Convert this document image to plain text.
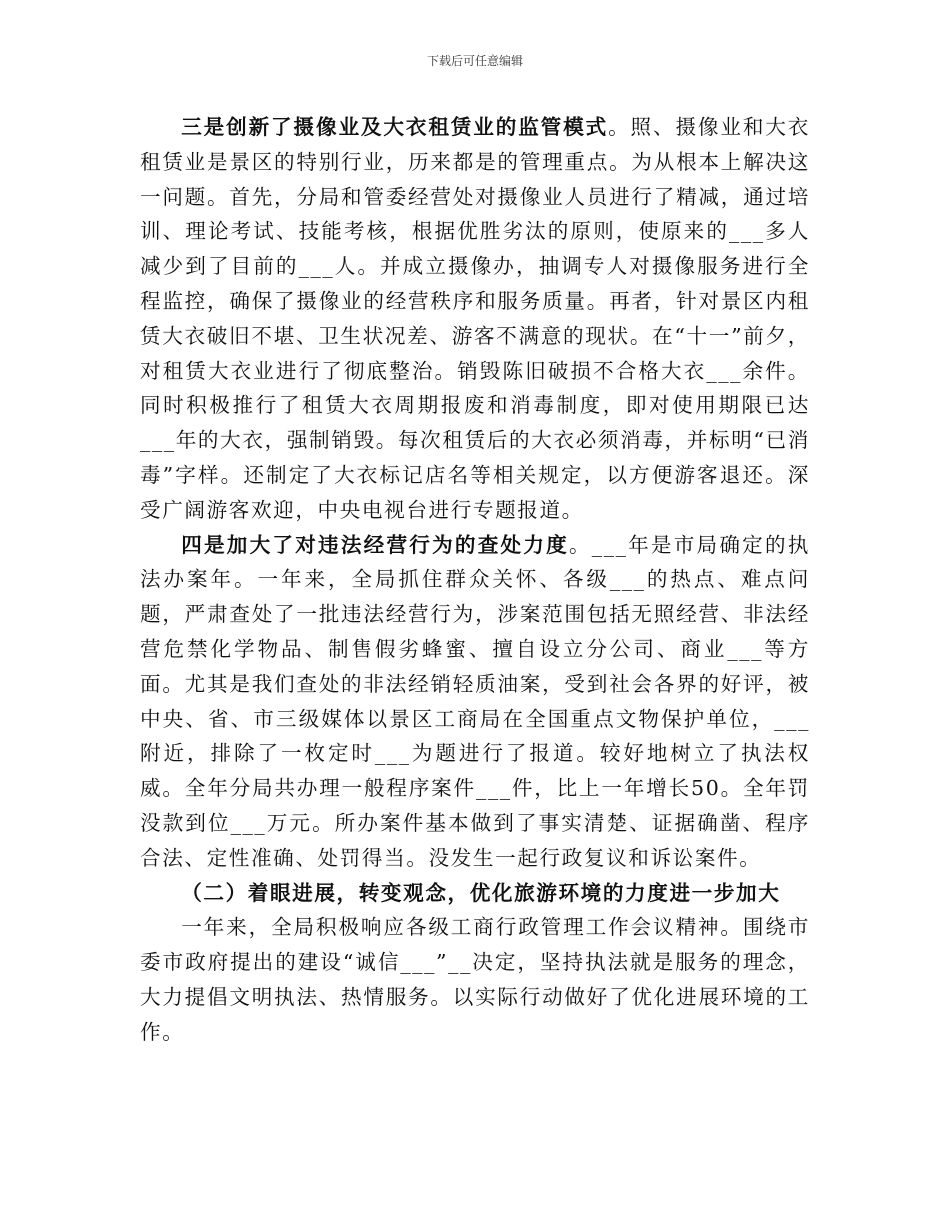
下载后可任意编辑

三是创新了摄像业及大衣租赁业的监管模式。照、摄像业和大衣租赁业是景区的特别行业，历来都是的管理重点。为从根本上解决这一问题。首先，分局和管委经营处对摄像业人员进行了精减，通过培训、理论考试、技能考核，根据优胜劣汰的原则，使原来的___多人减少到了目前的___人。并成立摄像办，抽调专人对摄像服务进行全程监控，确保了摄像业的经营秩序和服务质量。再者，针对景区内租赁大衣破旧不堪、卫生状况差、游客不满意的现状。在“十一”前夕，对租赁大衣业进行了彻底整治。销毁陈旧破损不合格大衣___余件。同时积极推行了租赁大衣周期报废和消毒制度，即对使用期限已达___年的大衣，强制销毁。每次租赁后的大衣必须消毒，并标明“已消毒”字样。还制定了大衣标记店名等相关规定，以方便游客退还。深受广阔游客欢迎，中央电视台进行专题报道。

四是加大了对违法经营行为的查处力度。___年是市局确定的执法办案年。一年来，全局抓住群众关怀、各级___的热点、难点问题，严肃查处了一批违法经营行为，涉案范围包括无照经营、非法经营危禁化学物品、制售假劣蜂蜜、擅自设立分公司、商业___等方面。尤其是我们查处的非法经销轻质油案，受到社会各界的好评，被中央、省、市三级媒体以景区工商局在全国重点文物保护单位，___附近，排除了一枚定时___为题进行了报道。较好地树立了执法权威。全年分局共办理一般程序案件___件，比上一年增长50。全年罚没款到位___万元。所办案件基本做到了事实清楚、证据确凿、程序合法、定性准确、处罚得当。没发生一起行政复议和诉讼案件。

（二）着眼进展，转变观念，优化旅游环境的力度进一步加大

一年来，全局积极响应各级工商行政管理工作会议精神。围绕市委市政府提出的建设“诚信___”__决定，坚持执法就是服务的理念，大力提倡文明执法、热情服务。以实际行动做好了优化进展环境的工作。
